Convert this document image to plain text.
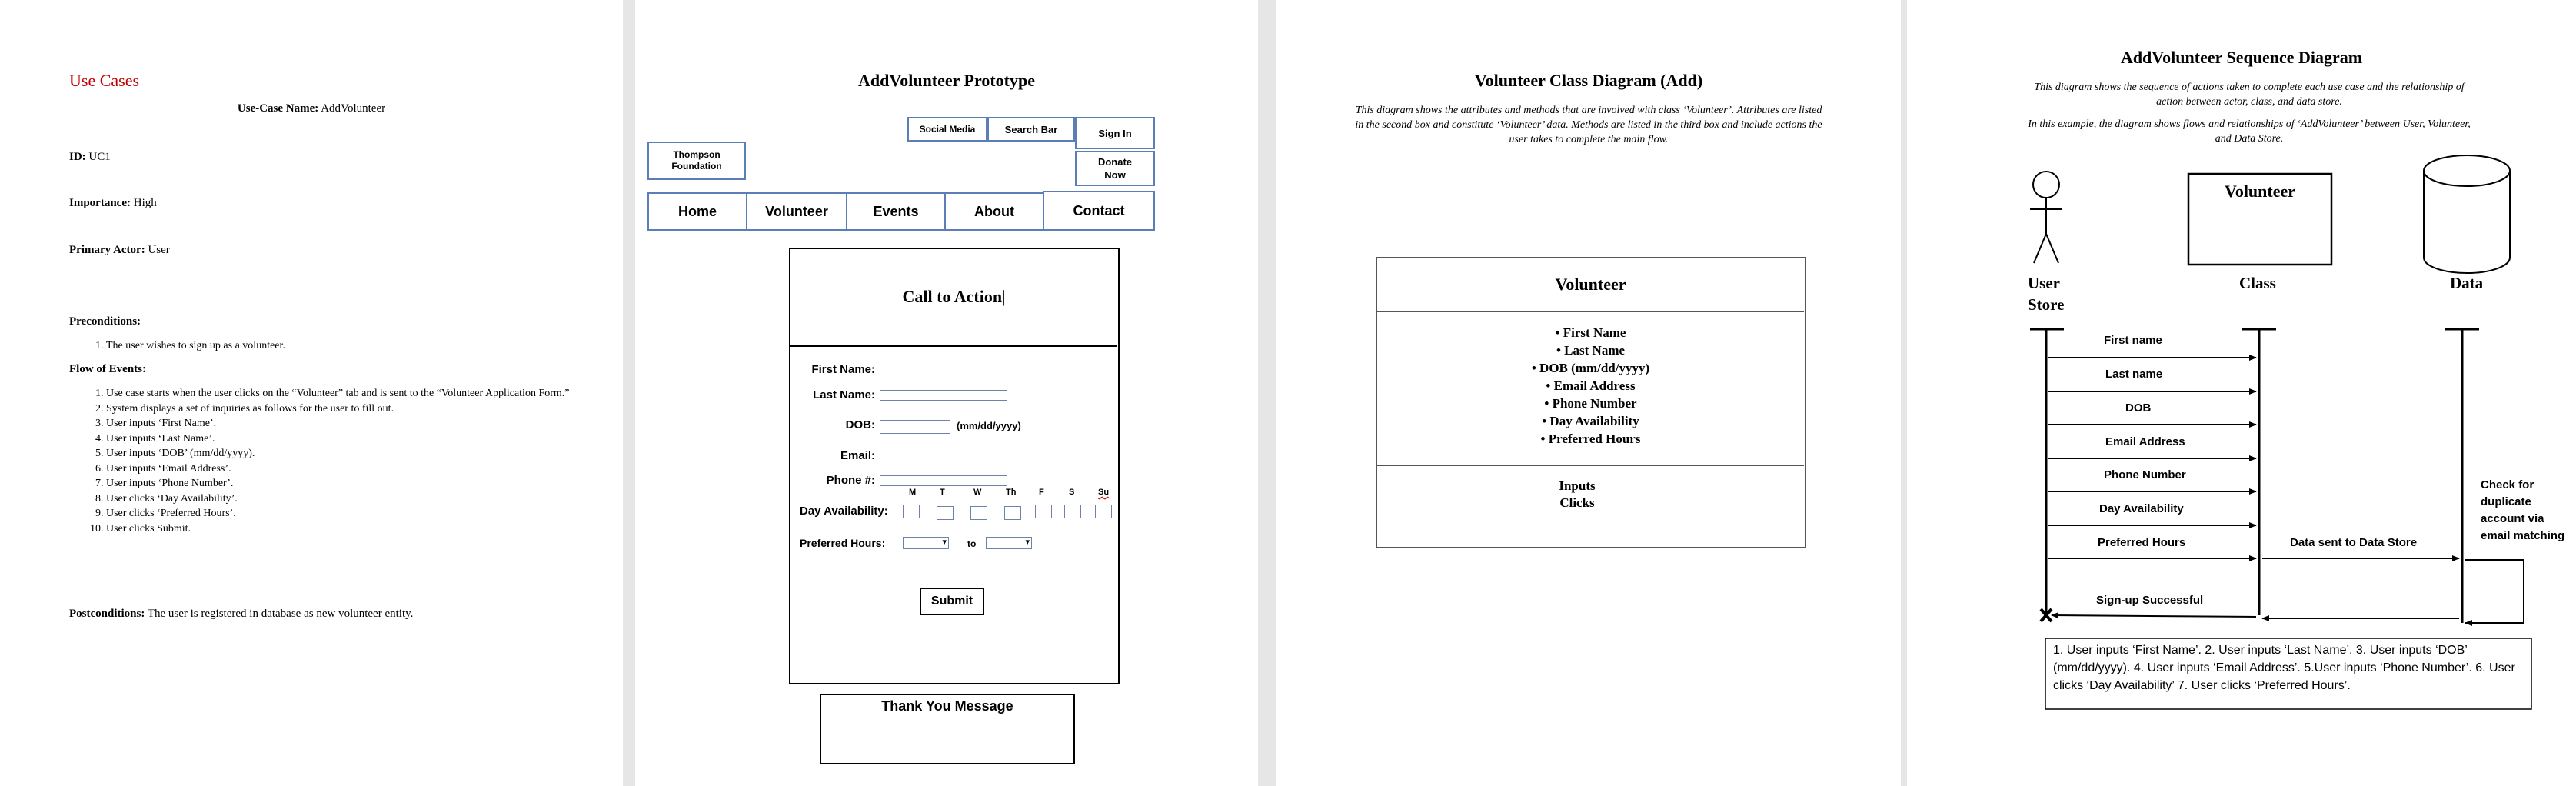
Use Cases
Use-Case Name: AddVolunteer
ID: UC1
Importance: High
Primary Actor: User
Preconditions:
1. The user wishes to sign up as a volunteer.
Flow of Events:
1. Use case starts when the user clicks on the “Volunteer” tab and is sent to the “Volunteer Application Form.”
2. System displays a set of inquiries as follows for the user to fill out.
3. User inputs ‘First Name’.
4. User inputs ‘Last Name’.
5. User inputs ‘DOB’ (mm/dd/yyyy).
6. User inputs ‘Email Address’.
7. User inputs ‘Phone Number’.
8. User clicks ‘Day Availability’.
9. User clicks ‘Preferred Hours’.
10. User clicks Submit.
Postconditions: The user is registered in database as new volunteer entity.
AddVolunteer Prototype
Social Media	Search Bar	Sign In
Thompson Foundation	Donate Now
Home	Volunteer	Events	About	Contact
Call to Action |
First Name:
Last Name:
DOB:	(mm/dd/yyyy)
Email:
Phone #:
M	T	W	Th	F	S	Su
Day Availability:
Preferred Hours:	▾ to	▾
Submit
Thank You Message
Volunteer Class Diagram (Add)
This diagram shows the attributes and methods that are involved with class ‘Volunteer’. Attributes are listed in the second box and constitute ‘Volunteer’ data. Methods are listed in the third box and include actions the user takes to complete the main flow.
Volunteer
• First Name
• Last Name
• DOB (mm/dd/yyyy)
• Email Address
• Phone Number
• Day Availability
• Preferred Hours
Inputs
Clicks
AddVolunteer Sequence Diagram
This diagram shows the sequence of actions taken to complete each use case and the relationship of action between actor, class, and data store.
In this example, the diagram shows flows and relationships of ‘AddVolunteer’ between User, Volunteer, and Data Store.
Volunteer
User
Store
Class	Data
First name
Last name
DOB
Email Address
Phone Number
Day Availability
Preferred Hours	Data sent to Data Store
Check for duplicate account via email matching
Sign-up Successful
1. User inputs ‘First Name’. 2. User inputs ‘Last Name’. 3. User inputs ‘DOB’ (mm/dd/yyyy). 4. User inputs ‘Email Address’. 5.User inputs ‘Phone Number’. 6. User clicks ‘Day Availability’ 7. User clicks ‘Preferred Hours’.
